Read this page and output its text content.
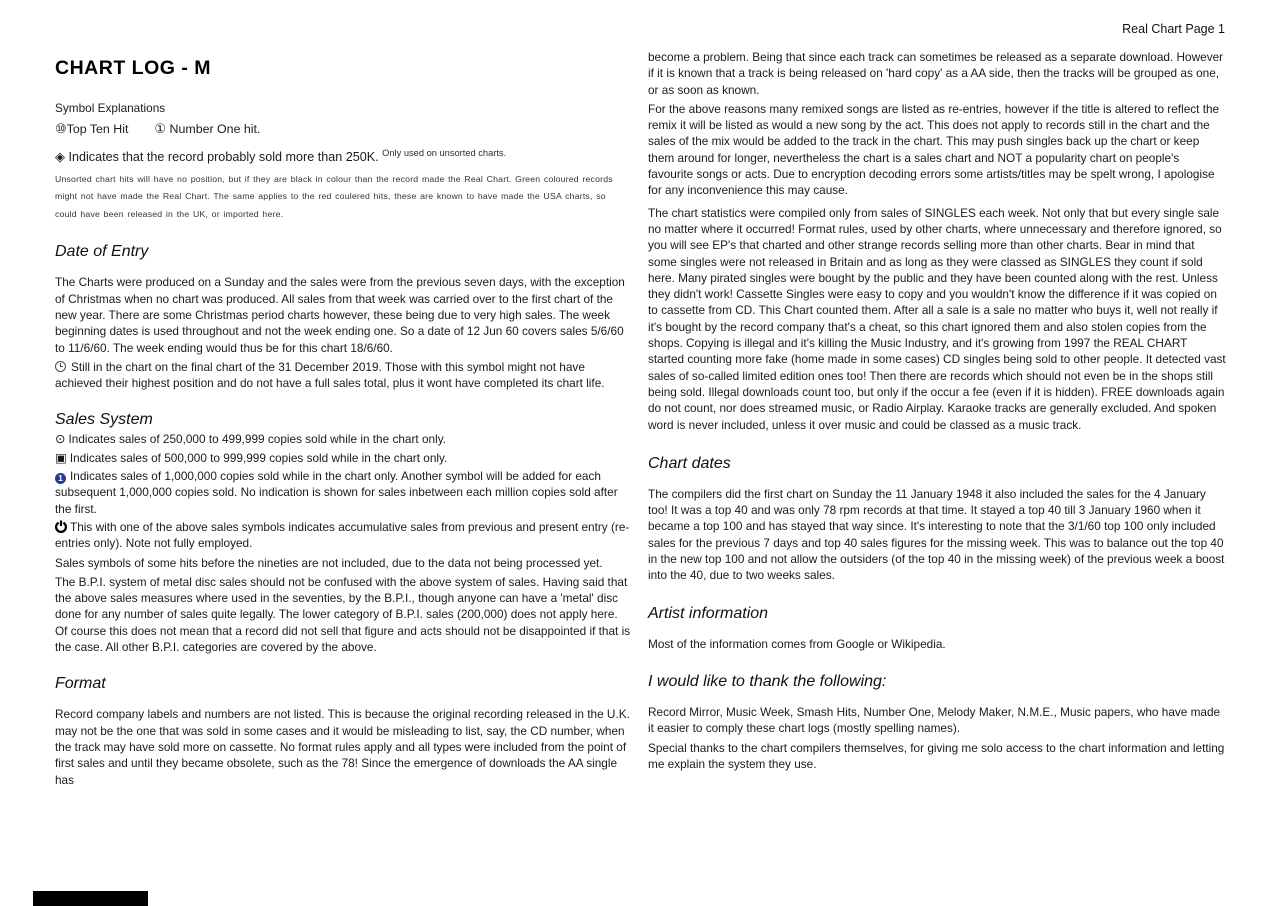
Real Chart Page 1
CHART LOG - M

Symbol Explanations

⑩Top Ten Hit ① Number One hit.

◈ Indicates that the record probably sold more than 250K. $^{Only used on unsorted charts.}$

Unsorted chart hits will have no position, but if they are black in colour than the record made the Real Chart. Green coloured records might not have made the Real Chart. The same applies to the red coulered hits, these are known to have made the USA charts, so could have been released in the UK, or imported here.

Date of Entry

The Charts were produced on a Sunday and the sales were from the previous seven days, with the exception of Christmas when no chart was produced. All sales from that week was carried over to the first chart of the new year. There are some Christmas period charts however, these being due to very high sales. The week beginning dates is used throughout and not the week ending one. So a date of 12 Jun 60 covers sales 5/6/60 to 11/6/60. The week ending would thus be for this chart 18/6/60.

Still in the chart on the final chart of the 31 December 2019. Those with this symbol might not have achieved their highest position and do not have a full sales total, plus it wont have completed its chart life.

Sales System

⊙ Indicates sales of 250,000 to 499,999 copies sold while in the chart only.

▣ Indicates sales of 500,000 to 999,999 copies sold while in the chart only.

1 Indicates sales of 1,000,000 copies sold while in the chart only. Another symbol will be added for each subsequent 1,000,000 copies sold. No indication is shown for sales inbetween each million copies sold after the first.

This with one of the above sales symbols indicates accumulative sales from previous and present entry (re-entries only). Note not fully employed.

Sales symbols of some hits before the nineties are not included, due to the data not being processed yet.

The B.P.I. system of metal disc sales should not be confused with the above system of sales. Having said that the above sales measures where used in the seventies, by the B.P.I., though anyone can have a 'metal' disc done for any number of sales quite legally. The lower category of B.P.I. sales (200,000) does not apply here. Of course this does not mean that a record did not sell that figure and acts should not be disappointed if that is the case. All other B.P.I. categories are covered by the above.

Format

Record company labels and numbers are not listed. This is because the original recording released in the U.K. may not be the one that was sold in some cases and it would be misleading to list, say, the CD number, when the track may have sold more on cassette. No format rules apply and all types were included from the point of first sales and until they became obsolete, such as the 78! Since the emergence of downloads the AA single has

become a problem. Being that since each track can sometimes be released as a separate download. However if it is known that a track is being released on 'hard copy' as a AA side, then the tracks will be grouped as one, or as soon as known.

For the above reasons many remixed songs are listed as re-entries, however if the title is altered to reflect the remix it will be listed as would a new song by the act. This does not apply to records still in the chart and the sales of the mix would be added to the track in the chart. This may push singles back up the chart or keep them around for longer, nevertheless the chart is a sales chart and NOT a popularity chart on people's favourite songs or acts. Due to encryption decoding errors some artists/titles may be spelt wrong, I apologise for any inconvenience this may cause.

The chart statistics were compiled only from sales of SINGLES each week. Not only that but every single sale no matter where it occurred! Format rules, used by other charts, where unnecessary and therefore ignored, so you will see EP's that charted and other strange records selling more than other charts. Bear in mind that some singles were not released in Britain and as long as they were classed as SINGLES they count if sold here. Many pirated singles were bought by the public and they have been counted along with the rest. Unless they didn't work! Cassette Singles were easy to copy and you wouldn't know the difference if it was copied on to cassette from CD. This Chart counted them. After all a sale is a sale no matter who buys it, well not really if it's bought by the record company that's a cheat, so this chart ignored them and also stolen copies from the shops. Copying is illegal and it's killing the Music Industry, and it's growing from 1997 the REAL CHART started counting more fake (home made in some cases) CD singles being sold to other people. It detected vast sales of so-called limited edition ones too! Then there are records which should not even be in the shops still being sold. Illegal downloads count too, but only if the occur a fee (even if it is hidden). FREE downloads again do not count, nor does streamed music, or Radio Airplay. Karaoke tracks are generally excluded. And spoken word is never included, unless it over music and could be classed as a music track.

Chart dates

The compilers did the first chart on Sunday the 11 January 1948 it also included the sales for the 4 January too! It was a top 40 and was only 78 rpm records at that time. It stayed a top 40 till 3 January 1960 when it became a top 100 and has stayed that way since. It's interesting to note that the 3/1/60 top 100 only included sales for the previous 7 days and top 40 sales figures for the missing week. This was to balance out the top 40 in the new top 100 and not allow the outsiders (of the top 40 in the missing week) of the previous week a boost into the 40, due to two weeks sales.

Artist information

Most of the information comes from Google or Wikipedia.

I would like to thank the following:

Record Mirror, Music Week, Smash Hits, Number One, Melody Maker, N.M.E., Music papers, who have made it easier to comply these chart logs (mostly spelling names).

Special thanks to the chart compilers themselves, for giving me solo access to the chart information and letting me explain the system they use.
